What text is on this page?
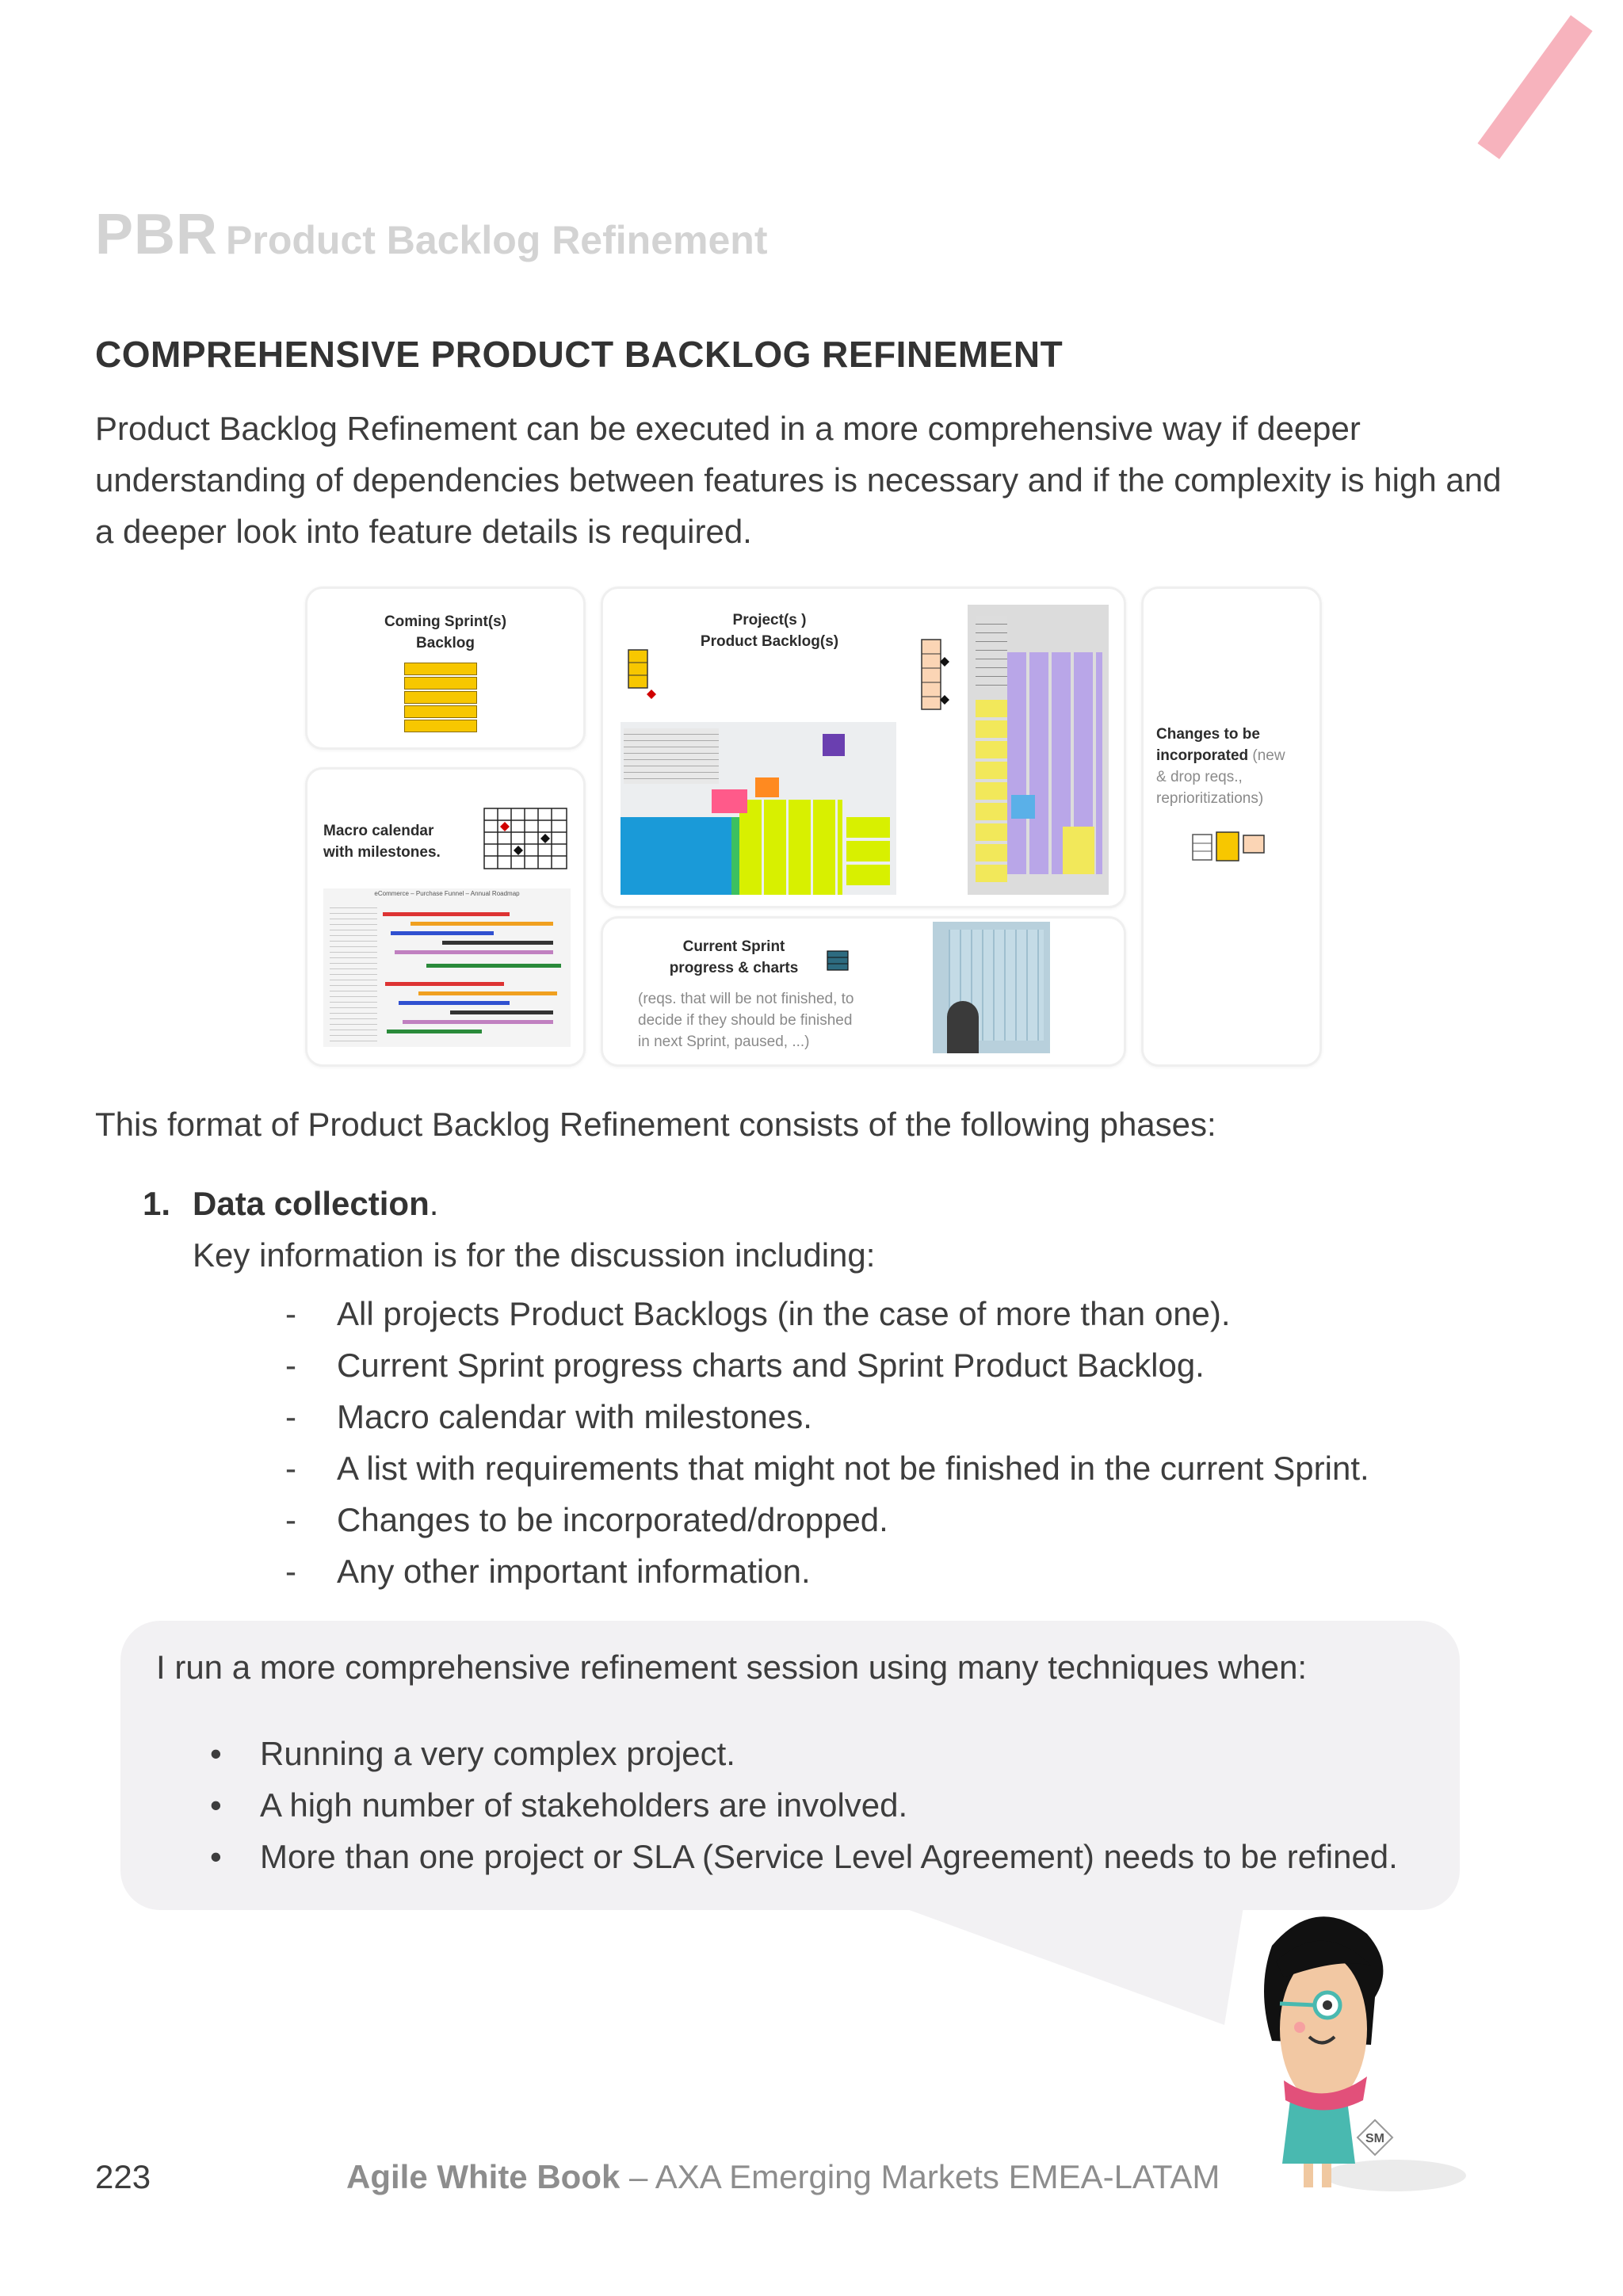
PBR Product Backlog Refinement
COMPREHENSIVE PRODUCT BACKLOG REFINEMENT
Product Backlog Refinement can be executed in a more comprehensive way if deeper understanding of dependencies between features is necessary and if the complexity is high and a deeper look into feature details is required.
Coming Sprint(s)
Backlog
Macro calendar
with milestones.
eCommerce – Purchase Funnel – Annual Roadmap
Project(s )
Product Backlog(s)
Current Sprint
progress & charts
(reqs. that will be not finished, to
decide if they should be finished
in next Sprint, paused, ...)
Changes to be
incorporated (new
& drop reqs.,
reprioritizations)
This format of Product Backlog Refinement consists of the following phases:
1. Data collection.
Key information is for the discussion including:
- All projects Product Backlogs (in the case of more than one).
- Current Sprint progress charts and Sprint Product Backlog.
- Macro calendar with milestones.
- A list with requirements that might not be finished in the current Sprint.
- Changes to be incorporated/dropped.
- Any other important information.
I run a more comprehensive refinement session using many techniques when:
• Running a very complex project.
• A high number of stakeholders are involved.
• More than one project or SLA (Service Level Agreement) needs to be refined.
SM
223	Agile White Book – AXA Emerging Markets EMEA-LATAM
